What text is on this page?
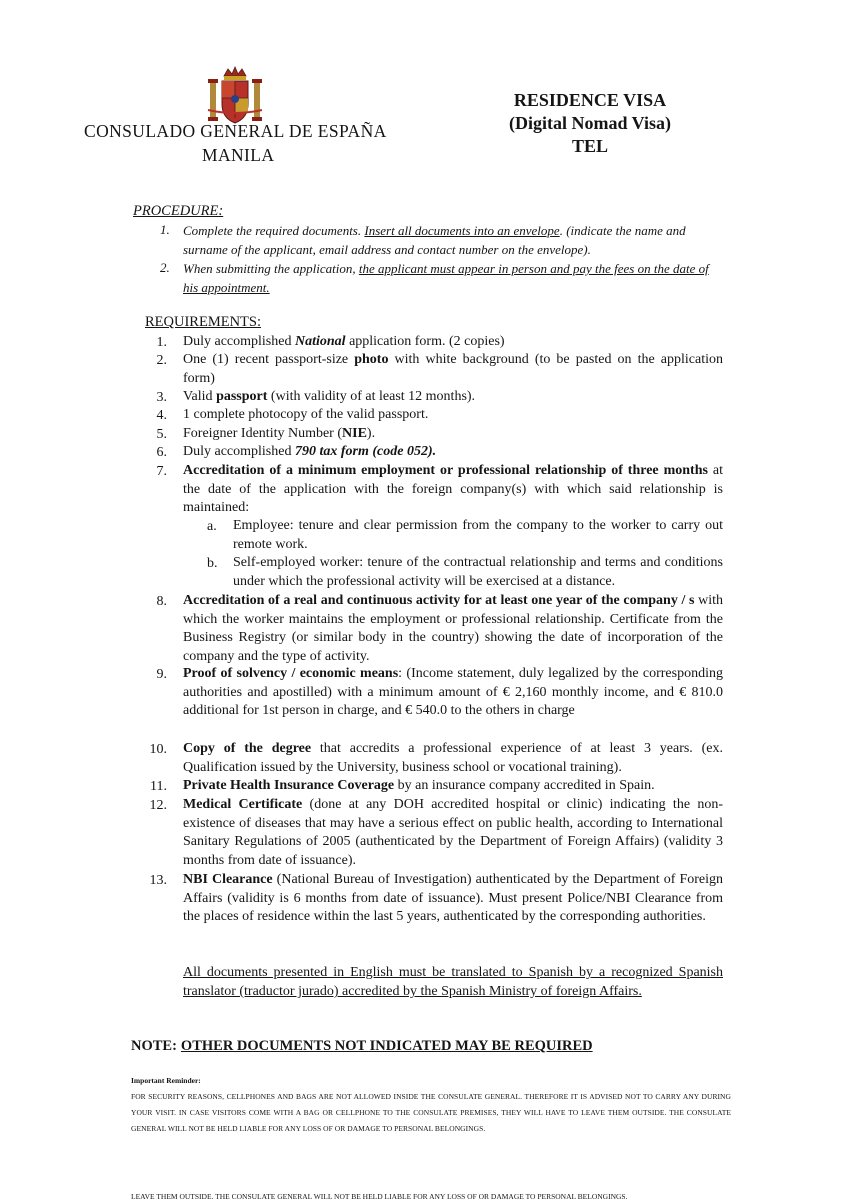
CONSULADO GENERAL DE ESPAÑA
MANILA
RESIDENCE VISA
(Digital Nomad Visa)
TEL
PROCEDURE:
1. Complete the required documents. Insert all documents into an envelope. (indicate the name and surname of the applicant, email address and contact number on the envelope).
2. When submitting the application, the applicant must appear in person and pay the fees on the date of his appointment.
REQUIREMENTS:
1. Duly accomplished National application form. (2 copies)
2. One (1) recent passport-size photo with white background (to be pasted on the application form)
3. Valid passport (with validity of at least 12 months).
4. 1 complete photocopy of the valid passport.
5. Foreigner Identity Number (NIE).
6. Duly accomplished 790 tax form (code 052).
7. Accreditation of a minimum employment or professional relationship of three months at the date of the application with the foreign company(s) with which said relationship is maintained:
a. Employee: tenure and clear permission from the company to the worker to carry out remote work.
b. Self-employed worker: tenure of the contractual relationship and terms and conditions under which the professional activity will be exercised at a distance.
8. Accreditation of a real and continuous activity for at least one year of the company / s with which the worker maintains the employment or professional relationship. Certificate from the Business Registry (or similar body in the country) showing the date of incorporation of the company and the type of activity.
9. Proof of solvency / economic means: (Income statement, duly legalized by the corresponding authorities and apostilled) with a minimum amount of € 2,160 monthly income, and € 810.0 additional for 1st person in charge, and € 540.0 to the others in charge
10. Copy of the degree that accredits a professional experience of at least 3 years. (ex. Qualification issued by the University, business school or vocational training).
11. Private Health Insurance Coverage by an insurance company accredited in Spain.
12. Medical Certificate (done at any DOH accredited hospital or clinic) indicating the non-existence of diseases that may have a serious effect on public health, according to International Sanitary Regulations of 2005 (authenticated by the Department of Foreign Affairs) (validity 3 months from date of issuance).
13. NBI Clearance (National Bureau of Investigation) authenticated by the Department of Foreign Affairs (validity is 6 months from date of issuance). Must present Police/NBI Clearance from the places of residence within the last 5 years, authenticated by the corresponding authorities.
All documents presented in English must be translated to Spanish by a recognized Spanish translator (traductor jurado) accredited by the Spanish Ministry of foreign Affairs.
NOTE: OTHER DOCUMENTS NOT INDICATED MAY BE REQUIRED
Important Reminder:
FOR SECURITY REASONS, CELLPHONES AND BAGS ARE NOT ALLOWED INSIDE THE CONSULATE GENERAL. THEREFORE IT IS ADVISED NOT TO CARRY ANY DURING YOUR VISIT. IN CASE VISITORS COME WITH A BAG OR CELLPHONE TO THE CONSULATE PREMISES, THEY WILL HAVE TO LEAVE THEM OUTSIDE. THE CONSULATE GENERAL WILL NOT BE HELD LIABLE FOR ANY LOSS OF OR DAMAGE TO PERSONAL BELONGINGS.
LEAVE THEM OUTSIDE. THE CONSULATE GENERAL WILL NOT BE HELD LIABLE FOR ANY LOSS OF OR DAMAGE TO PERSONAL BELONGINGS.
